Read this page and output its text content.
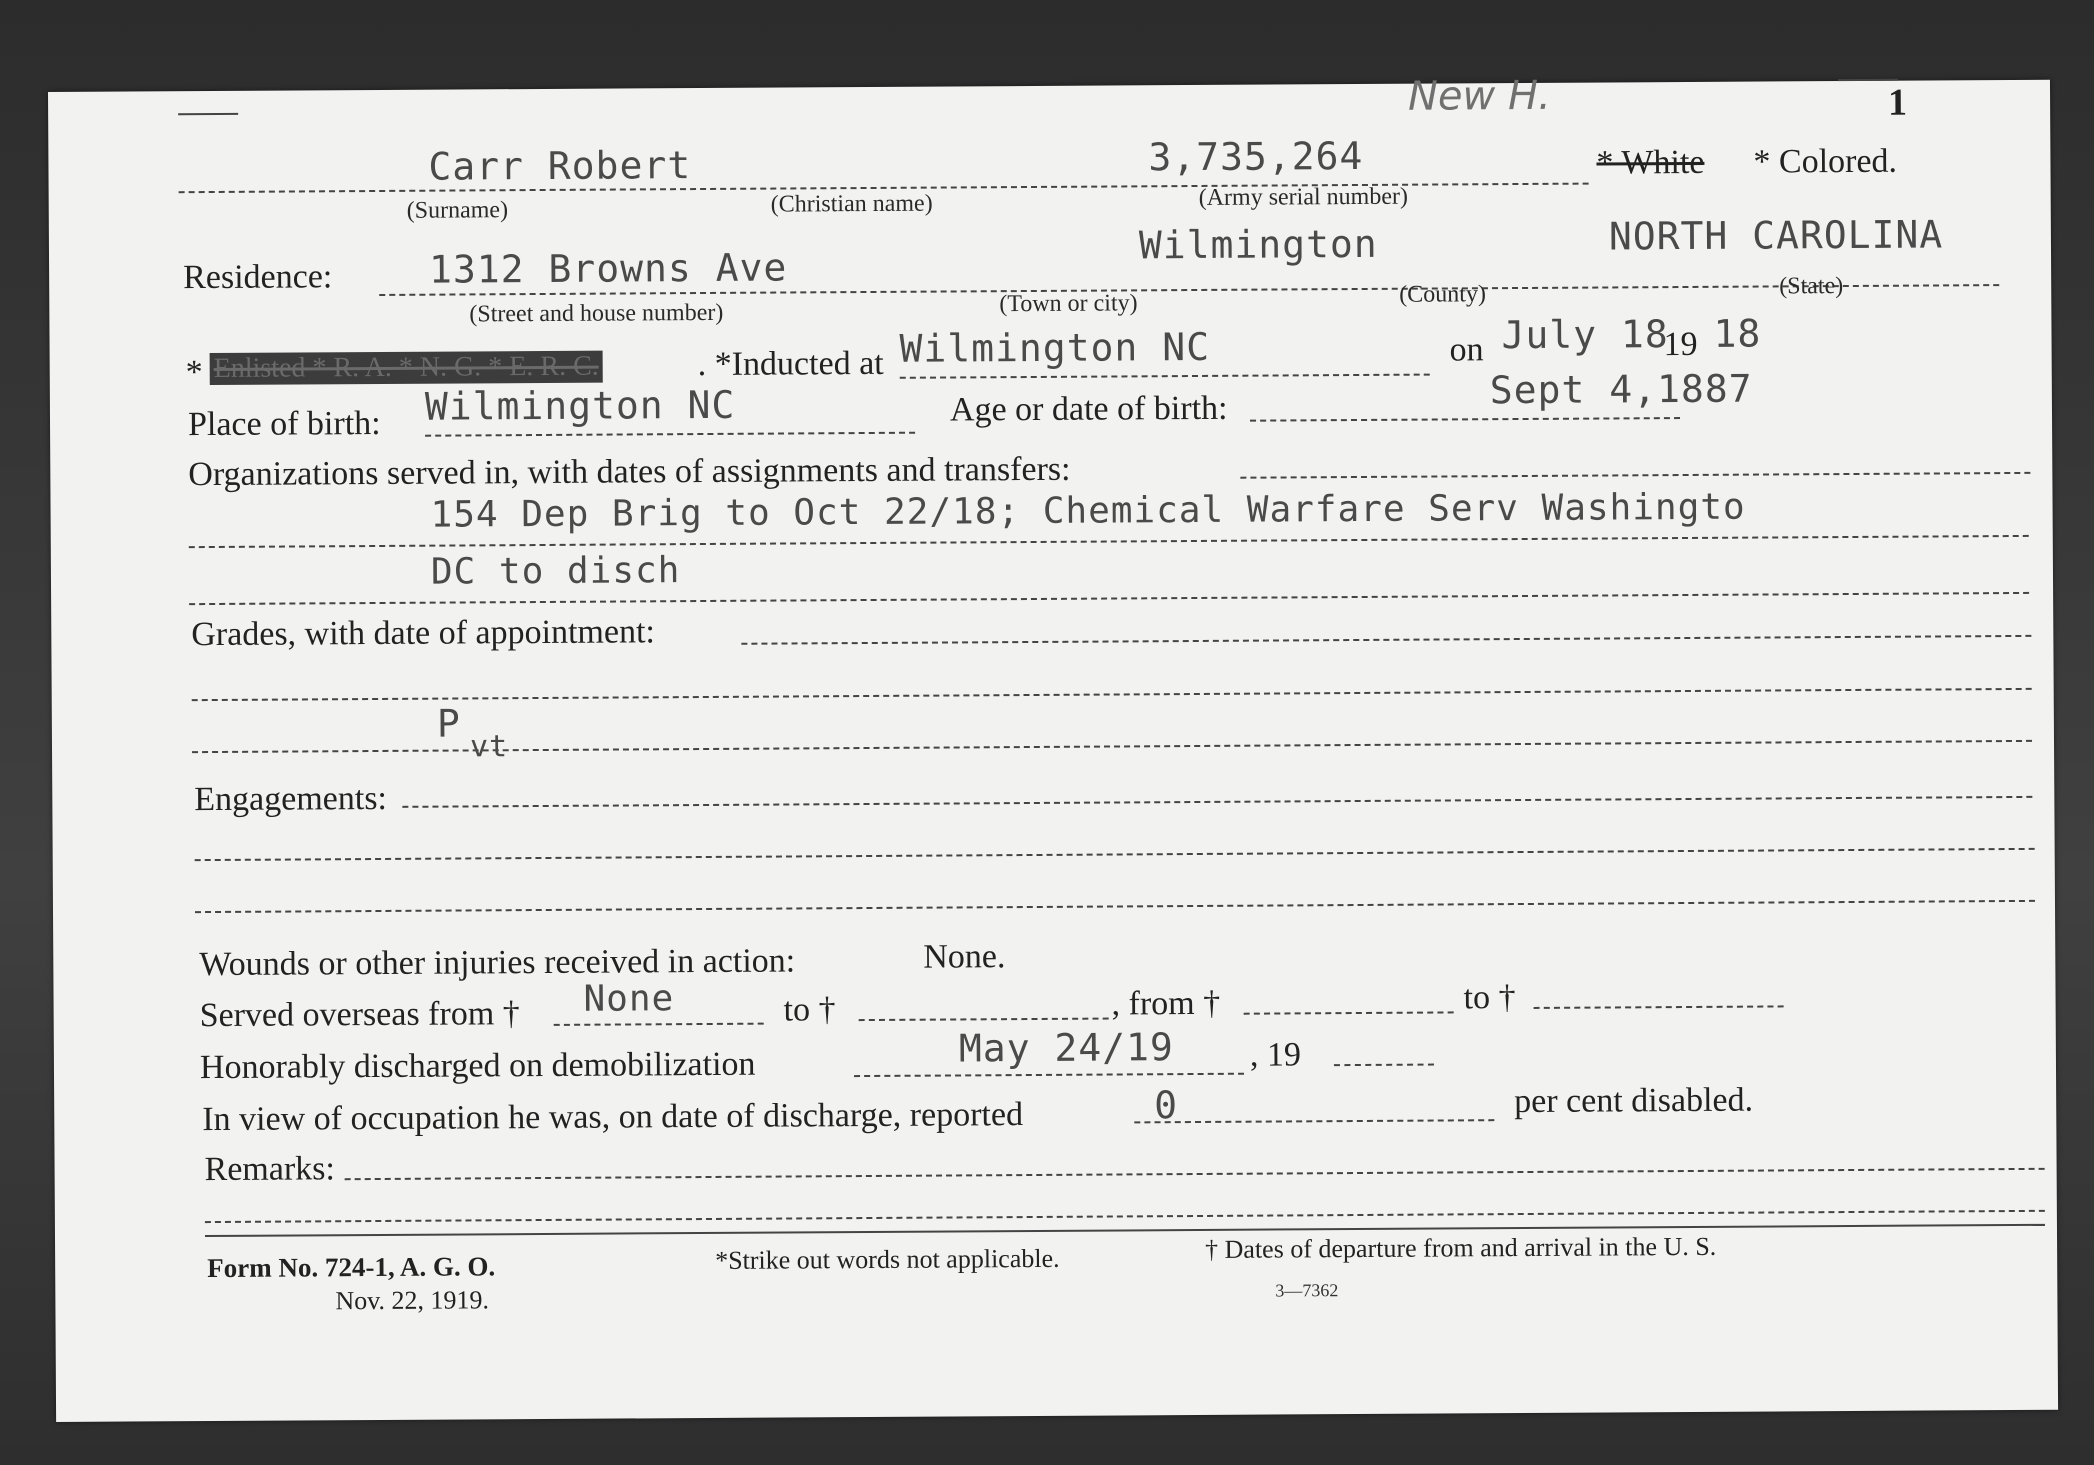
1
New H.
Carr Robert
(Surname)	(Christian name)
3,735,264
(Army serial number)
* White * Colored.
Residence:	1312 Browns Ave
(Street and house number)
Wilmington
(Town or city)	(County)
NORTH CAROLINA
(State)
* Enlisted * R. A. * N. G. * E. R. C.	. *Inducted at Wilmington NC	on July 18
19 18
Place of birth: Wilmington NC	Age or date of birth:	Sept 4,1887
Organizations served in, with dates of assignments and transfers:
154 Dep Brig to Oct 22/18; Chemical Warfare Serv Washingto
DC to disch
Grades, with date of appointment:
P
vt
Engagements:
Wounds or other injuries received in action:	None.
Served overseas from † None	to †	, from †	to †
Honorably discharged on demobilization	May 24/19 , 19
In view of occupation he was, on date of discharge, reported	0	per cent disabled.
Remarks:
Form No. 724-1, A. G. O.
Nov. 22, 1919.
*Strike out words not applicable.	† Dates of departure from and arrival in the U. S.
3—7362
